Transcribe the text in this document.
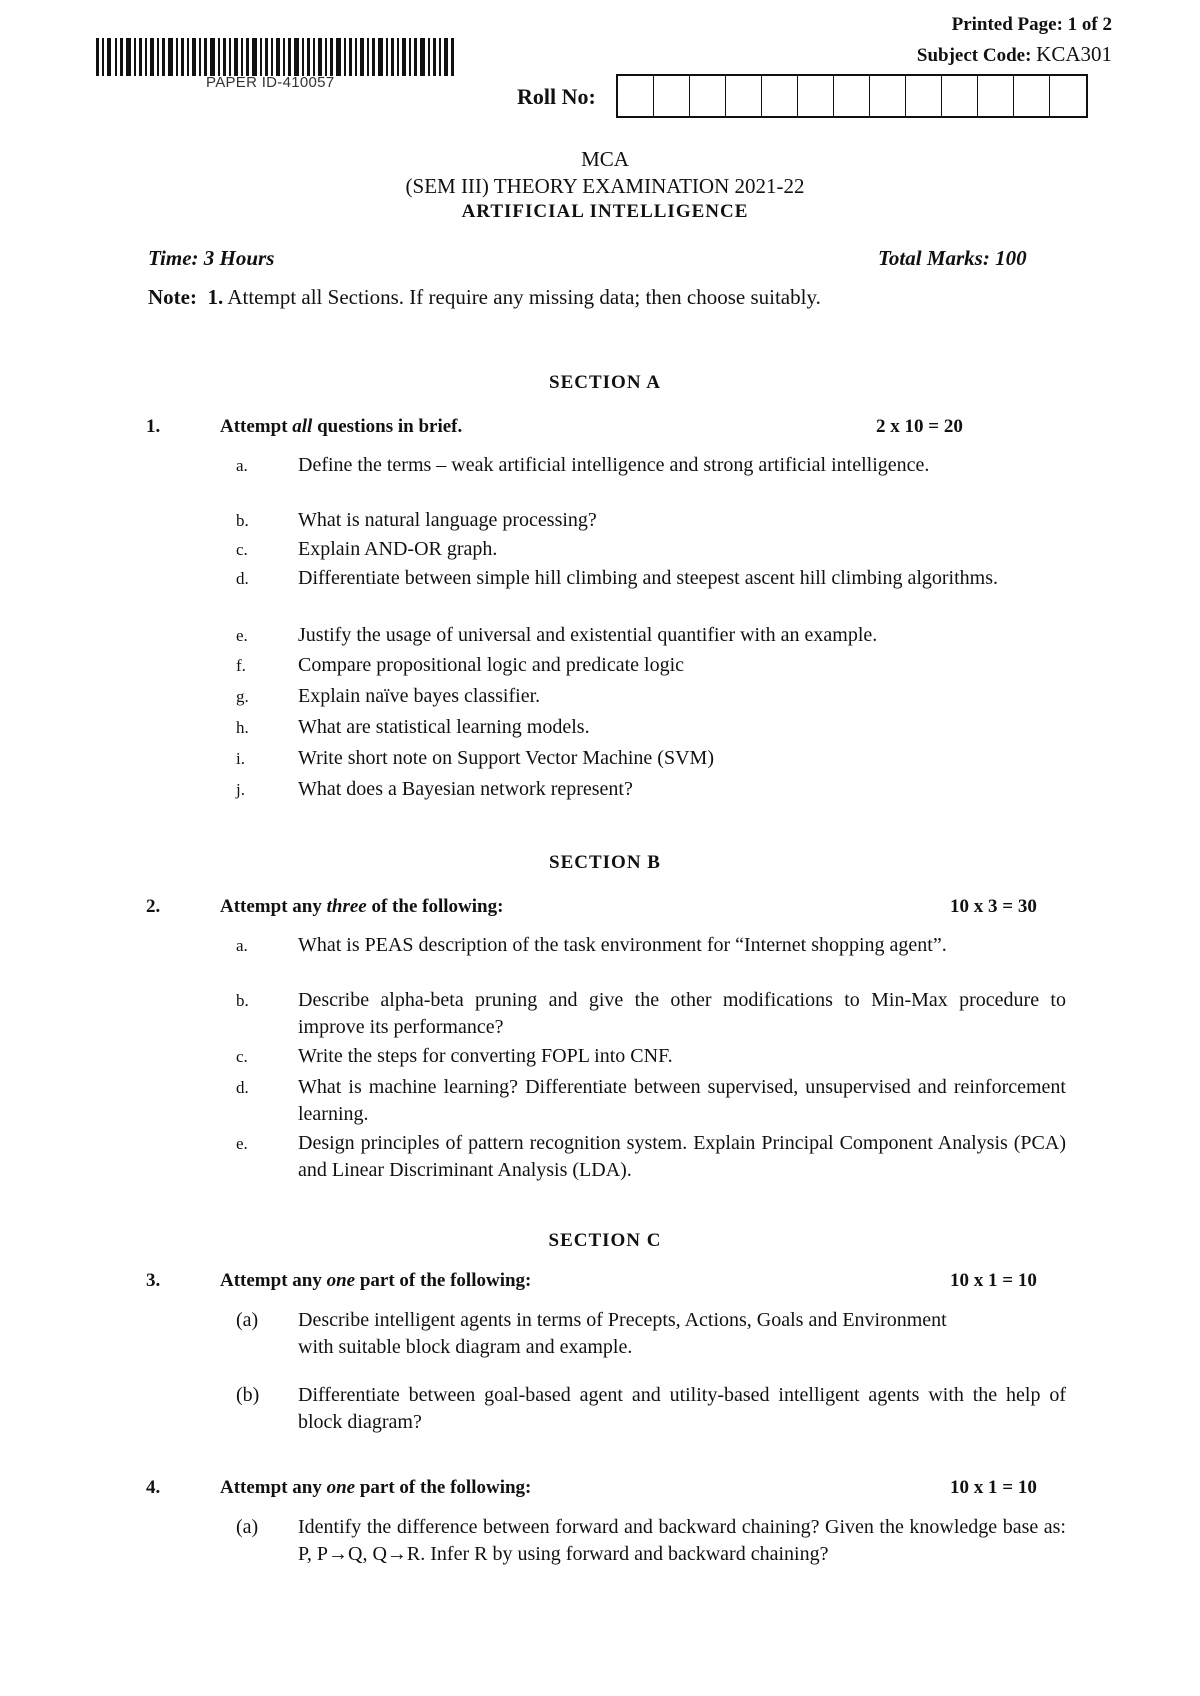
PAPER ID-410057
Printed Page: 1 of 2
Subject Code: KCA301
Roll No:
MCA
(SEM III) THEORY EXAMINATION 2021-22
ARTIFICIAL INTELLIGENCE
Time: 3 Hours	Total Marks: 100
Note: 1. Attempt all Sections. If require any missing data; then choose suitably.
SECTION A
1.	Attempt all questions in brief.	2 x 10 = 20
a.	Define the terms – weak artificial intelligence and strong artificial intelligence.
b.	What is natural language processing?
c.	Explain AND-OR graph.
d.	Differentiate between simple hill climbing and steepest ascent hill climbing algorithms.
e.	Justify the usage of universal and existential quantifier with an example.
f.	Compare propositional logic and predicate logic
g.	Explain naïve bayes classifier.
h.	What are statistical learning models.
i.	Write short note on Support Vector Machine (SVM)
j.	What does a Bayesian network represent?
SECTION B
2.	Attempt any three of the following:	10 x 3 = 30
a.	What is PEAS description of the task environment for “Internet shopping agent”.
b.	Describe alpha-beta pruning and give the other modifications to Min-Max procedure to improve its performance?
c.	Write the steps for converting FOPL into CNF.
d.	What is machine learning? Differentiate between supervised, unsupervised and reinforcement learning.
e.	Design principles of pattern recognition system. Explain Principal Component Analysis (PCA) and Linear Discriminant Analysis (LDA).
SECTION C
3.	Attempt any one part of the following:	10 x 1 = 10
(a)	Describe intelligent agents in terms of Precepts, Actions, Goals and Environment with suitable block diagram and example.
(b)	Differentiate between goal-based agent and utility-based intelligent agents with the help of block diagram?
4.	Attempt any one part of the following:	10 x 1 = 10
(a)	Identify the difference between forward and backward chaining? Given the knowledge base as: P, P→Q, Q→R. Infer R by using forward and backward chaining?
